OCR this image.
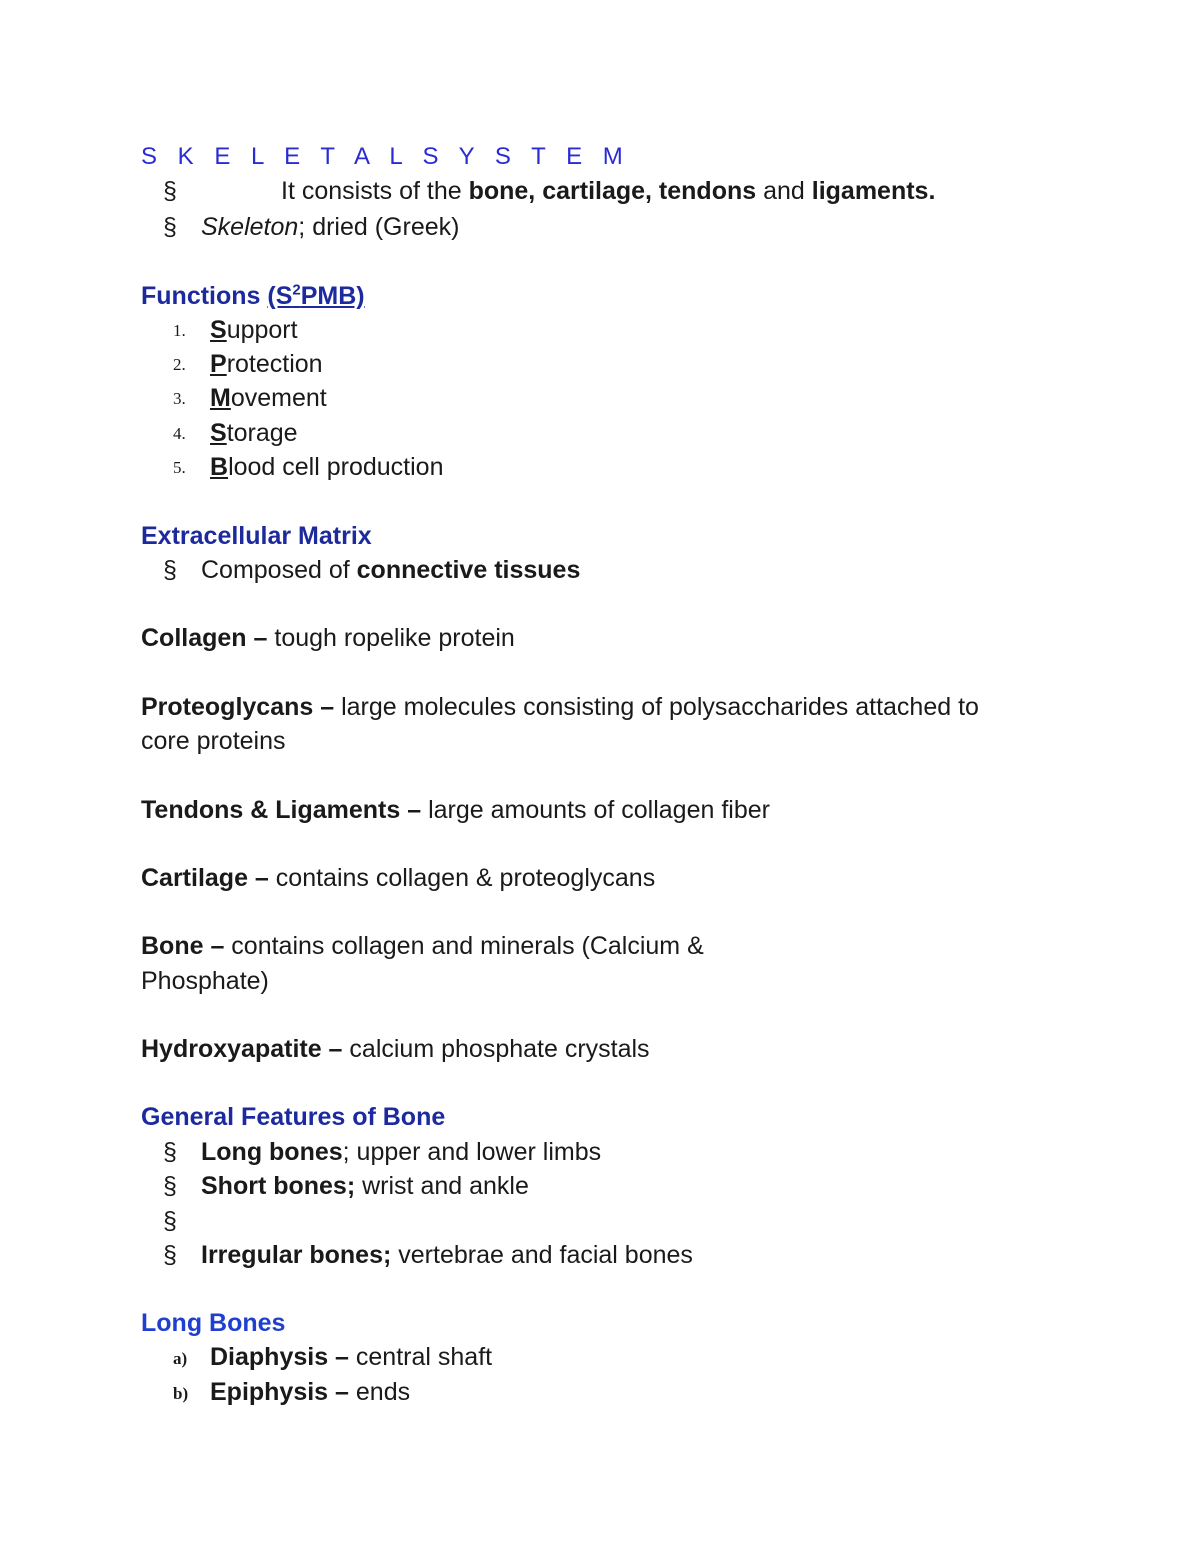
S K E L E T A L S Y S T E M
§	It consists of the bone, cartilage, tendons and ligaments.
§ Skeleton; dried (Greek)
Functions $(S^2PMB)$
1. Support
2. Protection
3. Movement
4. Storage
5. Blood cell production
Extracellular Matrix
§ Composed of connective tissues
Collagen – tough ropelike protein
Proteoglycans – large molecules consisting of polysaccharides attached to
core proteins
Tendons & Ligaments – large amounts of collagen fiber
Cartilage – contains collagen & proteoglycans
Bone – contains collagen and minerals (Calcium &
Phosphate)
Hydroxyapatite – calcium phosphate crystals
General Features of Bone
§ Long bones; upper and lower limbs
§ Short bones; wrist and ankle
§
§ Irregular bones; vertebrae and facial bones
Long Bones
a) Diaphysis – central shaft
b) Epiphysis – ends
